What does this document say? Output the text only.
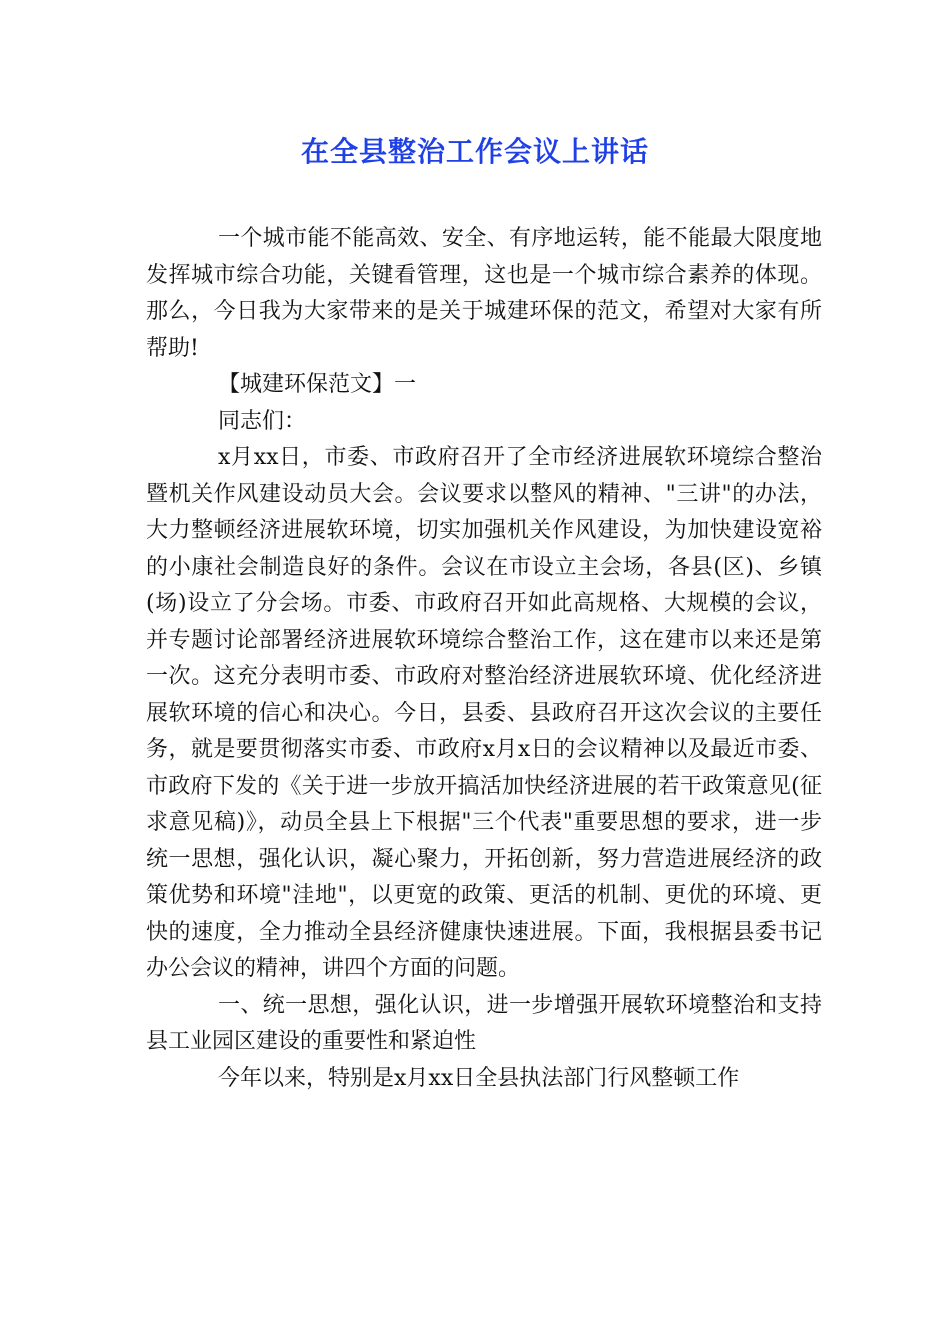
在全县整治工作会议上讲话

一个城市能不能高效、安全、有序地运转，能不能最大限度地发挥城市综合功能，关键看管理，这也是一个城市综合素养的体现。那么，今日我为大家带来的是关于城建环保的范文，希望对大家有所帮助!

【城建环保范文】一

同志们：

x月xx日，市委、市政府召开了全市经济进展软环境综合整治暨机关作风建设动员大会。会议要求以整风的精神、"三讲"的办法，大力整顿经济进展软环境，切实加强机关作风建设，为加快建设宽裕的小康社会制造良好的条件。会议在市设立主会场，各县(区)、乡镇(场)设立了分会场。市委、市政府召开如此高规格、大规模的会议，并专题讨论部署经济进展软环境综合整治工作，这在建市以来还是第一次。这充分表明市委、市政府对整治经济进展软环境、优化经济进展软环境的信心和决心。今日，县委、县政府召开这次会议的主要任务，就是要贯彻落实市委、市政府x月x日的会议精神以及最近市委、市政府下发的《关于进一步放开搞活加快经济进展的若干政策意见(征求意见稿)》，动员全县上下根据"三个代表"重要思想的要求，进一步统一思想，强化认识，凝心聚力，开拓创新，努力营造进展经济的政策优势和环境"洼地"，以更宽的政策、更活的机制、更优的环境、更快的速度，全力推动全县经济健康快速进展。下面，我根据县委书记办公会议的精神，讲四个方面的问题。

一、统一思想，强化认识，进一步增强开展软环境整治和支持县工业园区建设的重要性和紧迫性

今年以来，特别是x月xx日全县执法部门行风整顿工作
